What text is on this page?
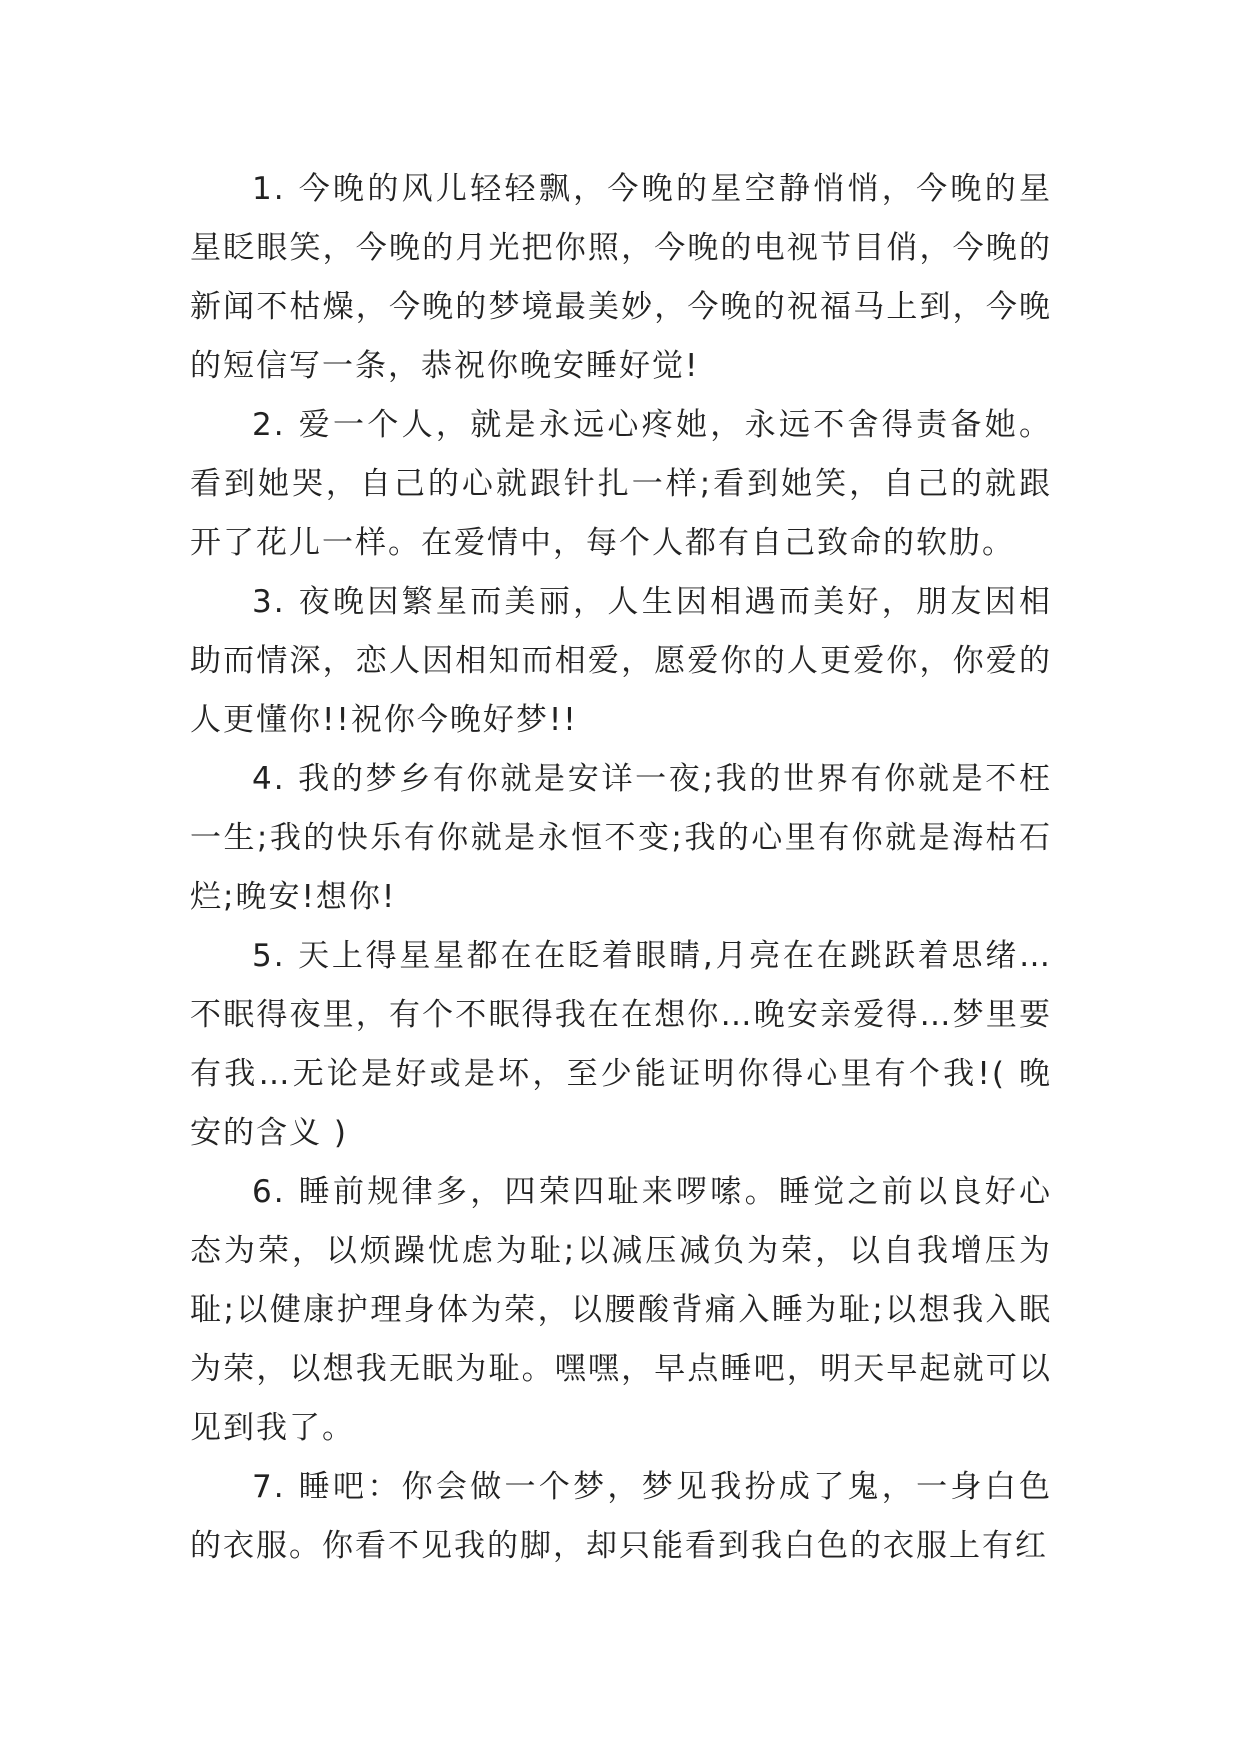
1. 今晚的风儿轻轻飘，今晚的星空静悄悄，今晚的星星眨眼笑，今晚的月光把你照，今晚的电视节目俏，今晚的新闻不枯燥，今晚的梦境最美妙，今晚的祝福马上到，今晚的短信写一条，恭祝你晚安睡好觉!

2. 爱一个人，就是永远心疼她，永远不舍得责备她。看到她哭，自己的心就跟针扎一样;看到她笑，自己的就跟开了花儿一样。在爱情中，每个人都有自己致命的软肋。

3. 夜晚因繁星而美丽，人生因相遇而美好，朋友因相助而情深，恋人因相知而相爱，愿爱你的人更爱你，你爱的人更懂你!!祝你今晚好梦!!

4. 我的梦乡有你就是安详一夜;我的世界有你就是不枉一生;我的快乐有你就是永恒不变;我的心里有你就是海枯石烂;晚安!想你!

5. 天上得星星都在在眨着眼睛,月亮在在跳跃着思绪…不眠得夜里，有个不眠得我在在想你…晚安亲爱得…梦里要有我…无论是好或是坏，至少能证明你得心里有个我!( 晚安的含义 )

6. 睡前规律多，四荣四耻来啰嗦。睡觉之前以良好心态为荣，以烦躁忧虑为耻;以减压减负为荣，以自我增压为耻;以健康护理身体为荣，以腰酸背痛入睡为耻;以想我入眠为荣，以想我无眠为耻。嘿嘿，早点睡吧，明天早起就可以见到我了。

7. 睡吧：你会做一个梦，梦见我扮成了鬼，一身白色的衣服。你看不见我的脚，却只能看到我白色的衣服上有红
